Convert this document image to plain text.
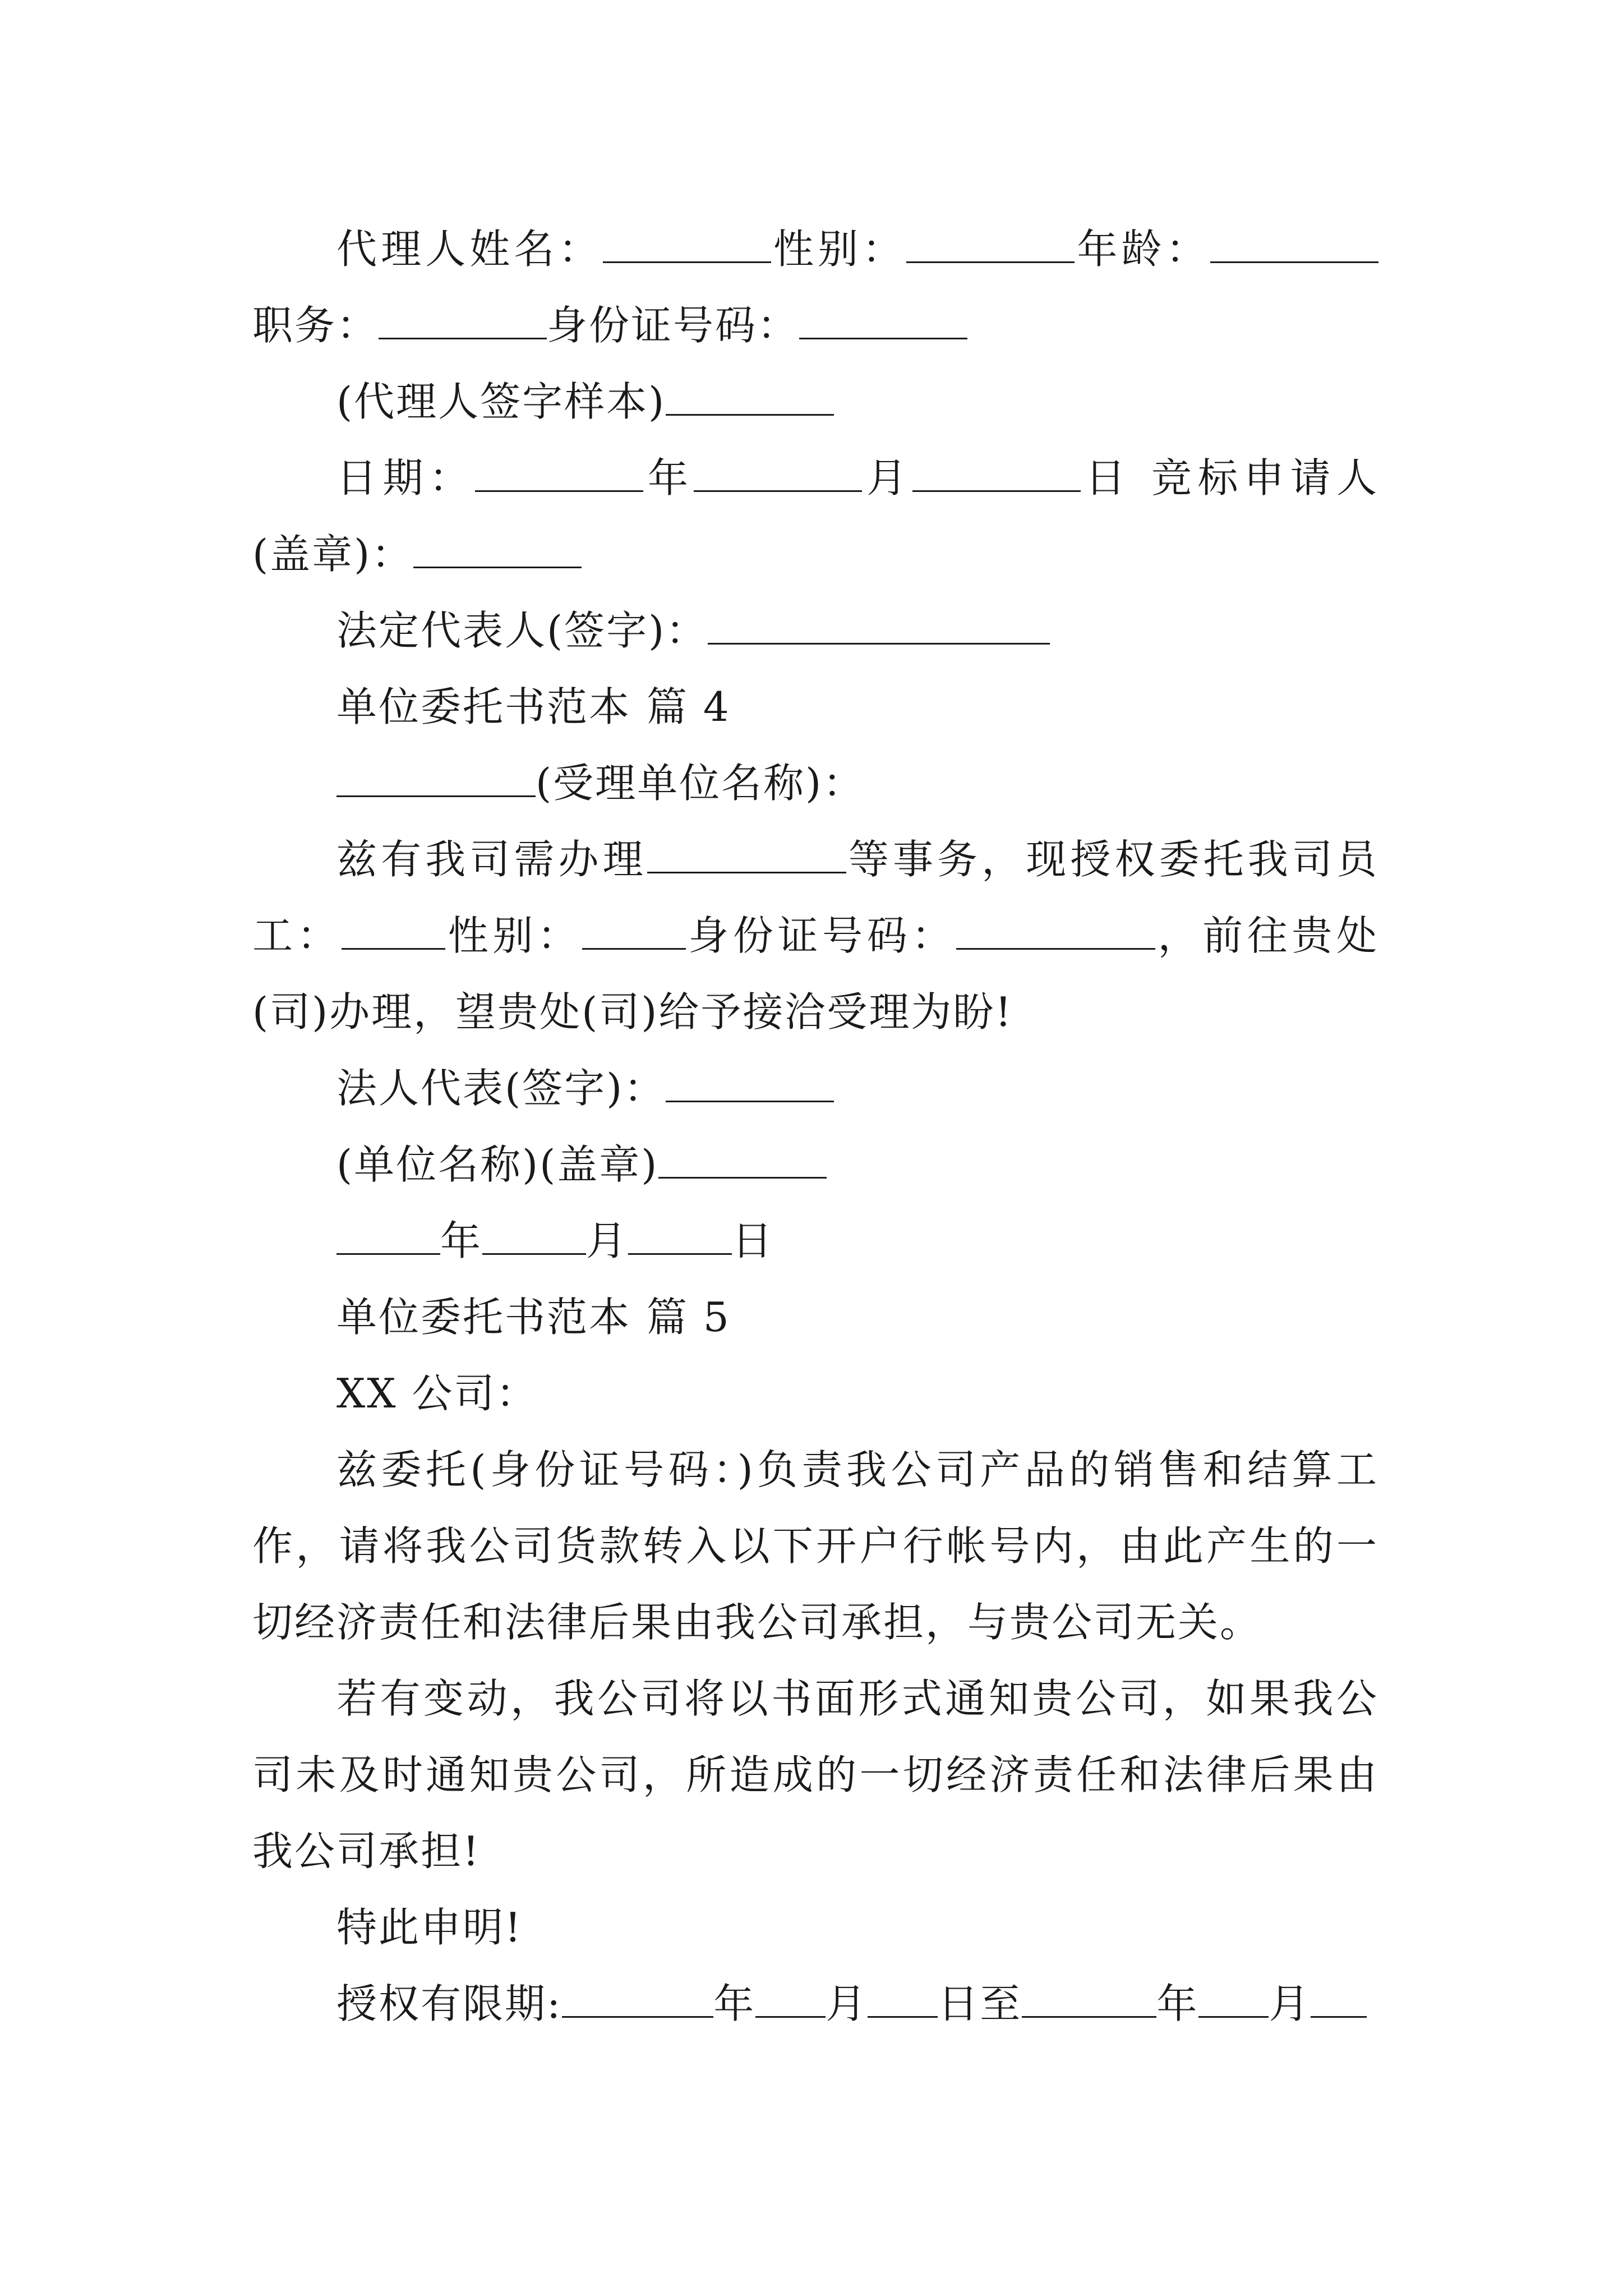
代理人姓名：	性别：	年龄：职务：	身份证号码：

(代理人签字样本)

日期：	年	月	日 竞标申请人(盖章)：

法定代表人(签字)：

单位委托书范本 篇 4

(受理单位名称)：

兹有我司需办理	等事务，现授权委托我司员工：	性别：	身份证号码：	，前往贵处(司)办理，望贵处(司)给予接洽受理为盼!

法人代表(签字)：

(单位名称)(盖章)

年	月	日

单位委托书范本 篇 5

XX 公司：

兹委托(身份证号码：)负责我公司产品的销售和结算工作，请将我公司货款转入以下开户行帐号内，由此产生的一切经济责任和法律后果由我公司承担，与贵公司无关。

若有变动，我公司将以书面形式通知贵公司，如果我公司未及时通知贵公司，所造成的一切经济责任和法律后果由我公司承担!

特此申明!

授权有限期:	年 月 日至	年 月
